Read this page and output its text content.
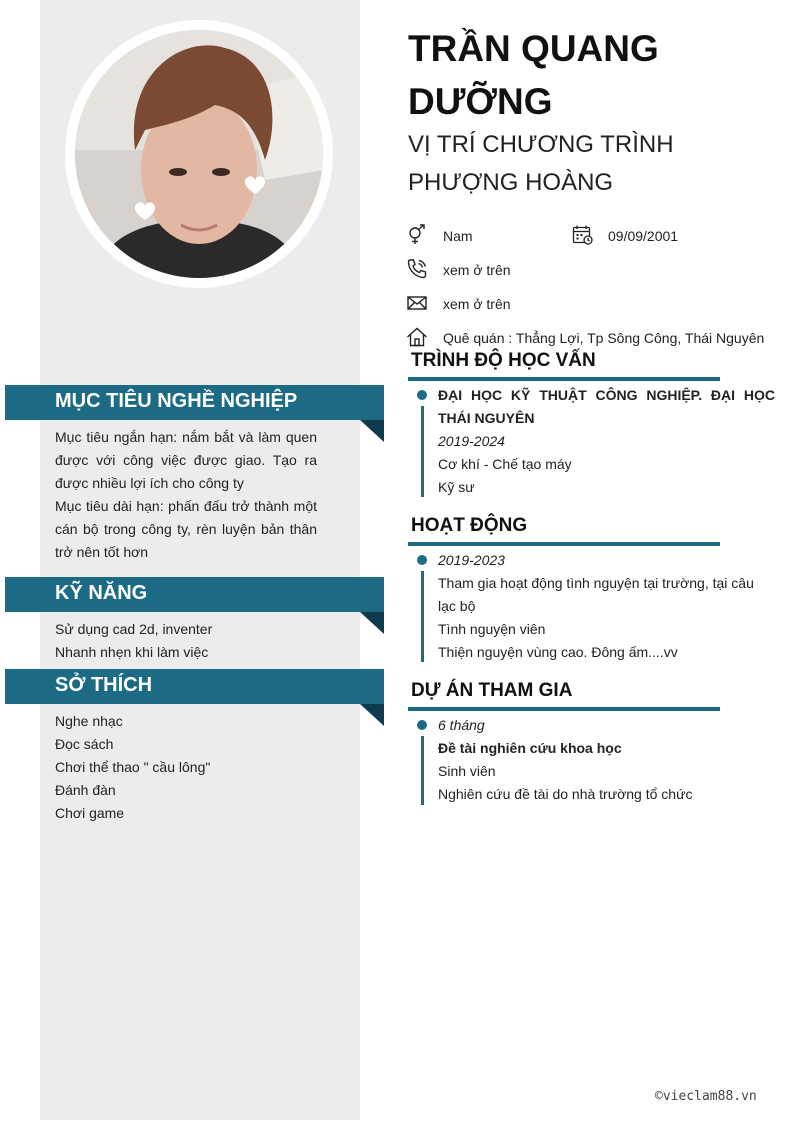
MỤC TIÊU NGHỀ NGHIỆP
Mục tiêu ngắn hạn: nắm bắt và làm quen được với công việc được giao. Tạo ra được nhiều lợi ích cho công ty
Mục tiêu dài hạn: phấn đấu trở thành một cán bộ trong công ty, rèn luyện bản thân trở nên tốt hơn
KỸ NĂNG
Sử dụng cad 2d, inventer
Nhanh nhẹn khi làm việc
SỞ THÍCH
Nghe nhạc
Đọc sách
Chơi thể thao " cầu lông"
Đánh đàn
Chơi game
TRẦN QUANG DƯỠNG
VỊ TRÍ CHƯƠNG TRÌNH PHƯỢNG HOÀNG
Nam	09/09/2001
xem ở trên
xem ở trên
Quê quán : Thẳng Lợi, Tp Sông Công, Thái Nguyên
TRÌNH ĐỘ HỌC VẤN
ĐẠI HỌC KỸ THUẬT CÔNG NGHIỆP. ĐẠI HỌC THÁI NGUYÊN
2019-2024
Cơ khí - Chế tạo máy
Kỹ sư
HOẠT ĐỘNG
2019-2023
Tham gia hoạt động tình nguyện tại trường, tại câu lạc bộ
Tình nguyện viên
Thiện nguyện vùng cao. Đông ấm....vv
DỰ ÁN THAM GIA
6 tháng
Đề tài nghiên cứu khoa học
Sinh viên
Nghiên cứu đề tài do nhà trường tổ chức
©vieclam88.vn
